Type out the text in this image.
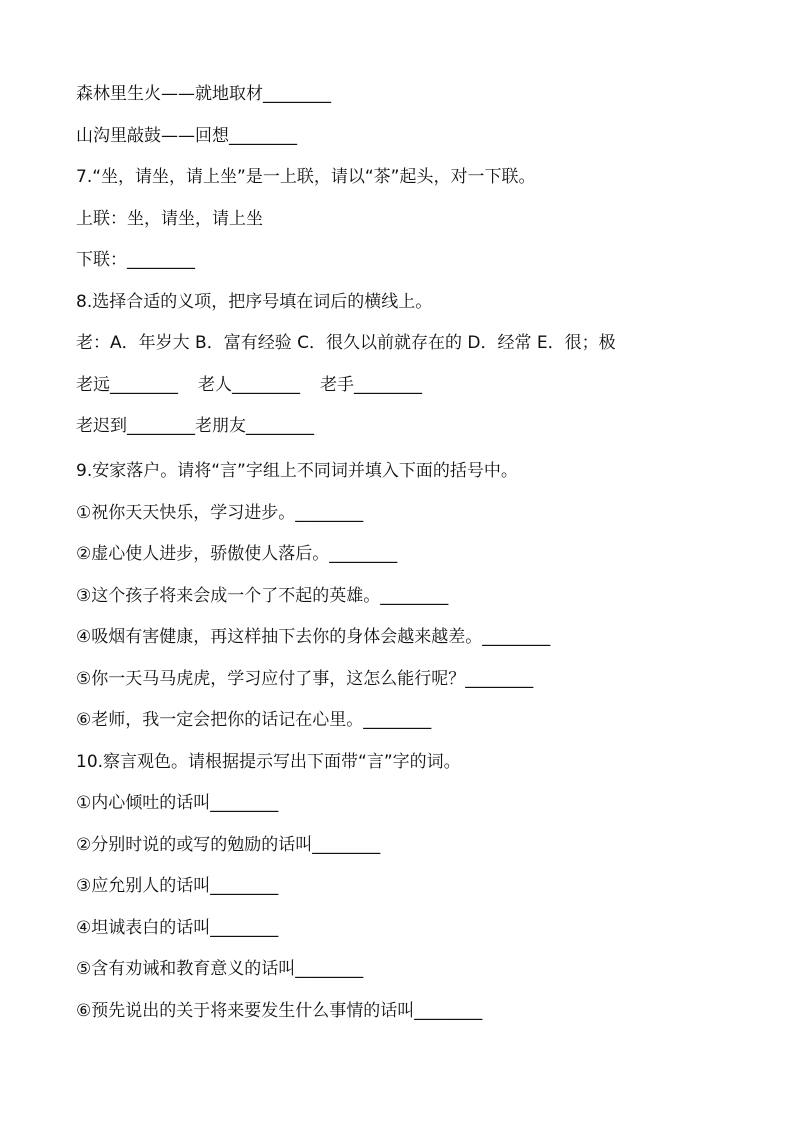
森林里生火——就地取材________
山沟里敲鼓——回想________
7.“坐，请坐，请上坐”是一上联，请以“茶”起头，对一下联。
上联：坐，请坐，请上坐
下联：________
8.选择合适的义项，把序号填在词后的横线上。
老：A．年岁大 B．富有经验 C．很久以前就存在的 D．经常 E．很；极
老远________ 老人________ 老手________
老迟到________老朋友________
9.安家落户。请将“言”字组上不同词并填入下面的括号中。
①祝你天天快乐，学习进步。________
②虚心使人进步，骄傲使人落后。________
③这个孩子将来会成一个了不起的英雄。________
④吸烟有害健康，再这样抽下去你的身体会越来越差。________
⑤你一天马马虎虎，学习应付了事，这怎么能行呢？________
⑥老师，我一定会把你的话记在心里。________
10.察言观色。请根据提示写出下面带“言”字的词。
①内心倾吐的话叫________
②分别时说的或写的勉励的话叫________
③应允别人的话叫________
④坦诚表白的话叫________
⑤含有劝诫和教育意义的话叫________
⑥预先说出的关于将来要发生什么事情的话叫________
